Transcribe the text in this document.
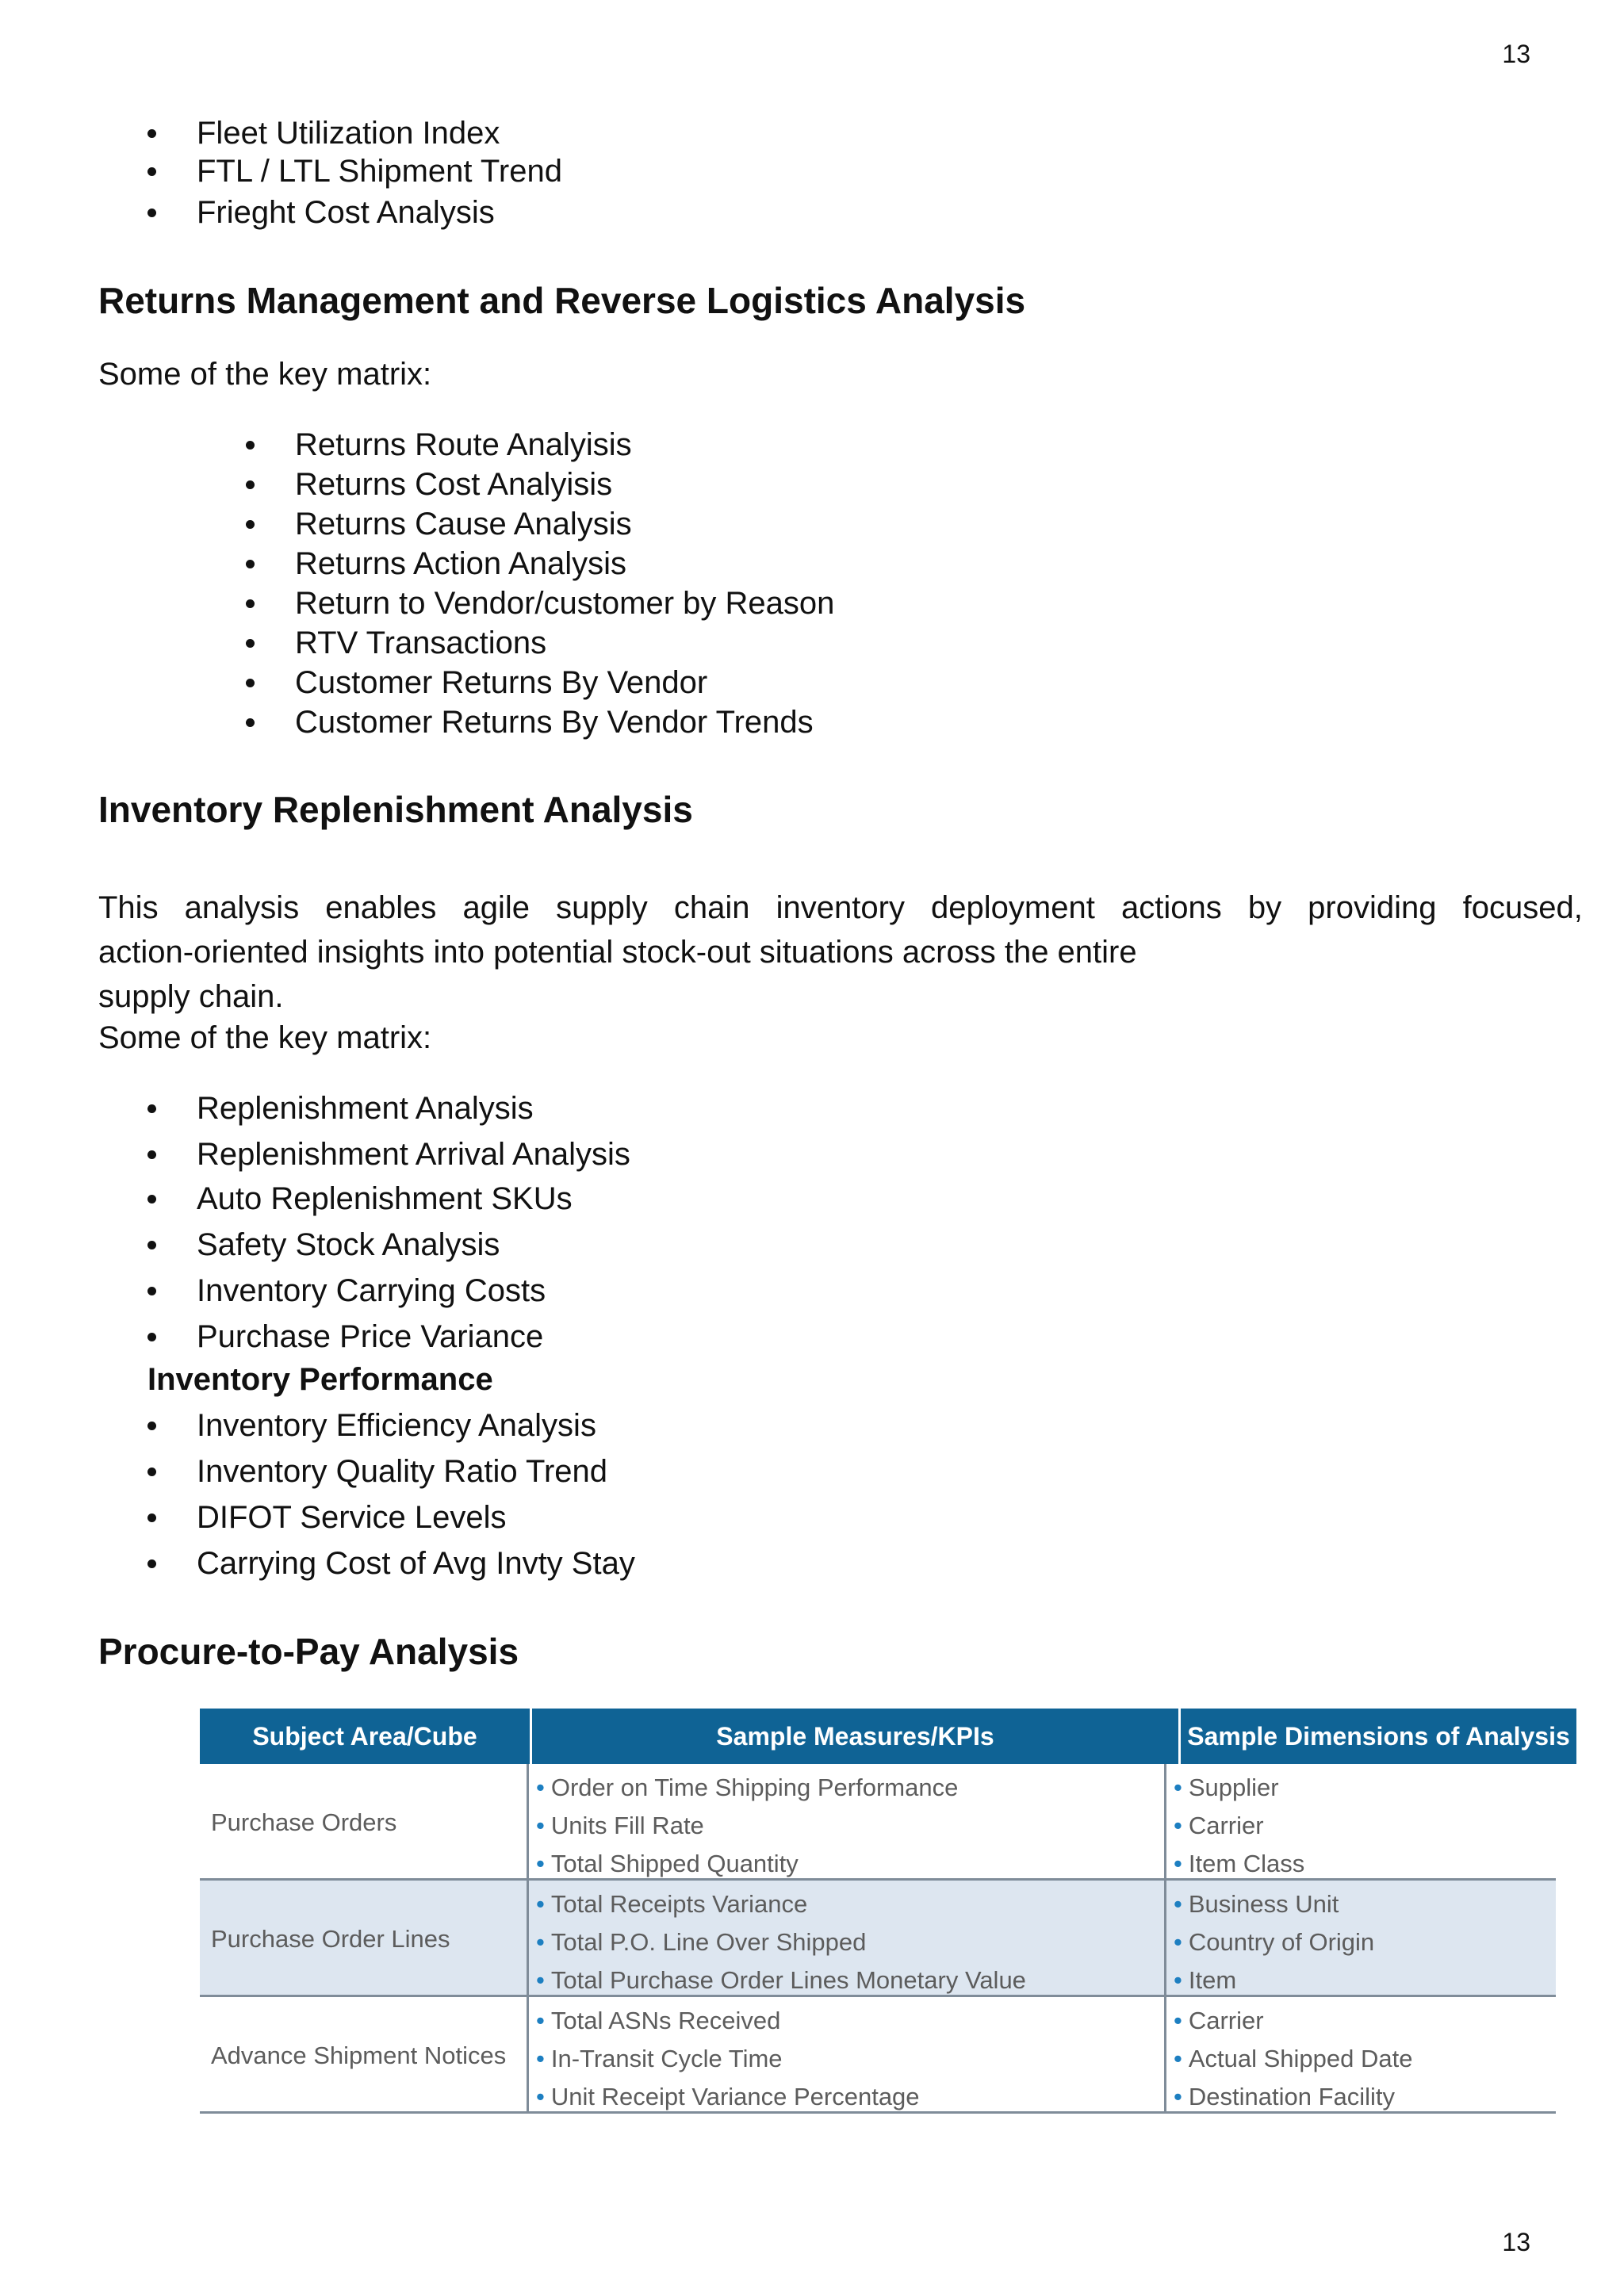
13
Fleet Utilization Index
FTL / LTL Shipment Trend
Frieght Cost Analysis
Returns Management and Reverse Logistics Analysis
Some of the key matrix:
Returns Route Analyisis
Returns Cost Analyisis
Returns Cause Analysis
Returns Action Analysis
Return to Vendor/customer by Reason
RTV Transactions
Customer Returns By Vendor
Customer Returns By Vendor Trends
Inventory Replenishment Analysis
This analysis enables agile supply chain inventory deployment actions by providing focused,
action-oriented insights into potential stock-out situations across the entire
supply chain.
Some of the key matrix:
Replenishment Analysis
Replenishment Arrival Analysis
Auto Replenishment SKUs
Safety Stock Analysis
Inventory Carrying Costs
Purchase Price Variance
Inventory Performance
Inventory Efficiency Analysis
Inventory Quality Ratio Trend
DIFOT Service Levels
Carrying Cost of Avg Invty Stay
Procure-to-Pay Analysis
Subject Area/Cube	Sample Measures/KPIs	Sample Dimensions of Analysis
Purchase Orders
• Order on Time Shipping Performance
• Units Fill Rate
• Total Shipped Quantity
• Supplier
• Carrier
• Item Class
Purchase Order Lines
• Total Receipts Variance
• Total P.O. Line Over Shipped
• Total Purchase Order Lines Monetary Value
• Business Unit
• Country of Origin
• Item
Advance Shipment Notices
• Total ASNs Received
• In-Transit Cycle Time
• Unit Receipt Variance Percentage
• Carrier
• Actual Shipped Date
• Destination Facility
13
